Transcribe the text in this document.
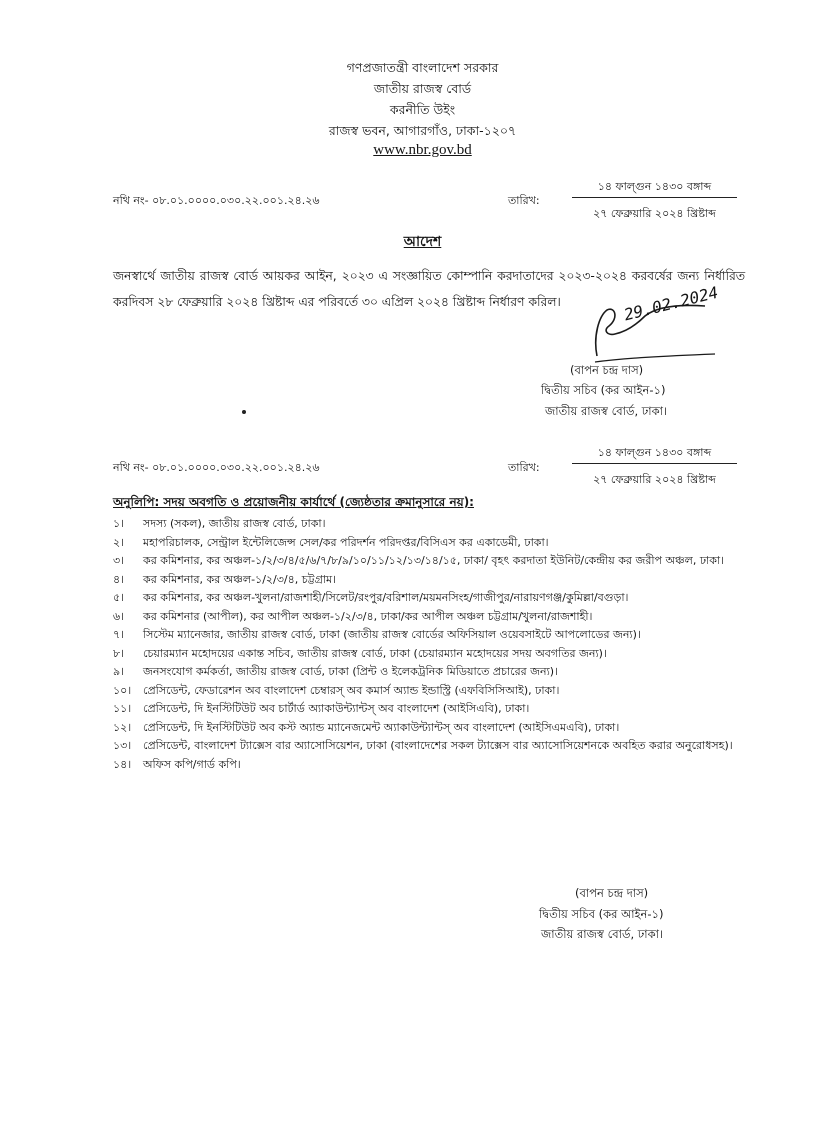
গণপ্রজাতন্ত্রী বাংলাদেশ সরকার
জাতীয় রাজস্ব বোর্ড
করনীতি উইং
রাজস্ব ভবন, আগারগাঁও, ঢাকা-১২০৭
www.nbr.gov.bd
নথি নং- ০৮.০১.০০০০.০৩০.২২.০০১.২৪.২৬	তারিখ:
১৪ ফাল্গুন ১৪৩০ বঙ্গাব্দ
২৭ ফেব্রুয়ারি ২০২৪ খ্রিষ্টাব্দ
আদেশ
জনস্বার্থে জাতীয় রাজস্ব বোর্ড আয়কর আইন, ২০২৩ এ সংজ্ঞায়িত কোম্পানি করদাতাদের ২০২৩-২০২৪ করবর্ষের জন্য নির্ধারিত করদিবস ২৮ ফেব্রুয়ারি ২০২৪ খ্রিষ্টাব্দ এর পরিবর্তে ৩০ এপ্রিল ২০২৪ খ্রিষ্টাব্দ নির্ধারণ করিল।	29.02.2024
(বাপন চন্দ্র দাস)
দ্বিতীয় সচিব (কর আইন-১)
জাতীয় রাজস্ব বোর্ড, ঢাকা।
নথি নং- ০৮.০১.০০০০.০৩০.২২.০০১.২৪.২৬	তারিখ:
১৪ ফাল্গুন ১৪৩০ বঙ্গাব্দ
২৭ ফেব্রুয়ারি ২০২৪ খ্রিষ্টাব্দ
অনুলিপি: সদয় অবগতি ও প্রয়োজনীয় কার্যার্থে (জ্যেষ্ঠতার ক্রমানুসারে নয়):
১।	সদস্য (সকল), জাতীয় রাজস্ব বোর্ড, ঢাকা।
২।	মহাপরিচালক, সেন্ট্রাল ইন্টেলিজেন্স সেল/কর পরিদর্শন পরিদপ্তর/বিসিএস কর একাডেমী, ঢাকা।
৩।	কর কমিশনার, কর অঞ্চল-১/২/৩/৪/৫/৬/৭/৮/৯/১০/১১/১২/১৩/১৪/১৫, ঢাকা/ বৃহৎ করদাতা ইউনিট/কেন্দ্রীয় কর জরীপ অঞ্চল, ঢাকা।
৪।	কর কমিশনার, কর অঞ্চল-১/২/৩/৪, চট্টগ্রাম।
৫।	কর কমিশনার, কর অঞ্চল-খুলনা/রাজশাহী/সিলেট/রংপুর/বরিশাল/ময়মনসিংহ/গাজীপুর/নারায়ণগঞ্জ/কুমিল্লা/বগুড়া।
৬।	কর কমিশনার (আপীল), কর আপীল অঞ্চল-১/২/৩/৪, ঢাকা/কর আপীল অঞ্চল চট্টগ্রাম/খুলনা/রাজশাহী।
৭।	সিস্টেম ম্যানেজার, জাতীয় রাজস্ব বোর্ড, ঢাকা (জাতীয় রাজস্ব বোর্ডের অফিসিয়াল ওয়েবসাইটে আপলোডের জন্য)।
৮।	চেয়ারম্যান মহোদয়ের একান্ত সচিব, জাতীয় রাজস্ব বোর্ড, ঢাকা (চেয়ারম্যান মহোদয়ের সদয় অবগতির জন্য)।
৯।	জনসংযোগ কর্মকর্তা, জাতীয় রাজস্ব বোর্ড, ঢাকা (প্রিন্ট ও ইলেকট্রনিক মিডিয়াতে প্রচারের জন্য)।
১০।	প্রেসিডেন্ট, ফেডারেশন অব বাংলাদেশ চেম্বারস্ অব কমার্স অ্যান্ড ইন্ডাস্ট্রি (এফবিসিসিআই), ঢাকা।
১১।	প্রেসিডেন্ট, দি ইনস্টিটিউট অব চার্টার্ড অ্যাকাউন্ট্যান্টস্ অব বাংলাদেশ (আইসিএবি), ঢাকা।
১২।	প্রেসিডেন্ট, দি ইনস্টিটিউট অব কস্ট অ্যান্ড ম্যানেজমেন্ট অ্যাকাউন্ট্যান্টস্ অব বাংলাদেশ (আইসিএমএবি), ঢাকা।
১৩।	প্রেসিডেন্ট, বাংলাদেশ ট্যাক্সেস বার অ্যাসোসিয়েশন, ঢাকা (বাংলাদেশের সকল ট্যাক্সেস বার অ্যাসোসিয়েশনকে অবহিত করার অনুরোধসহ)।
১৪।	অফিস কপি/গার্ড কপি।
(বাপন চন্দ্র দাস)
দ্বিতীয় সচিব (কর আইন-১)
জাতীয় রাজস্ব বোর্ড, ঢাকা।
